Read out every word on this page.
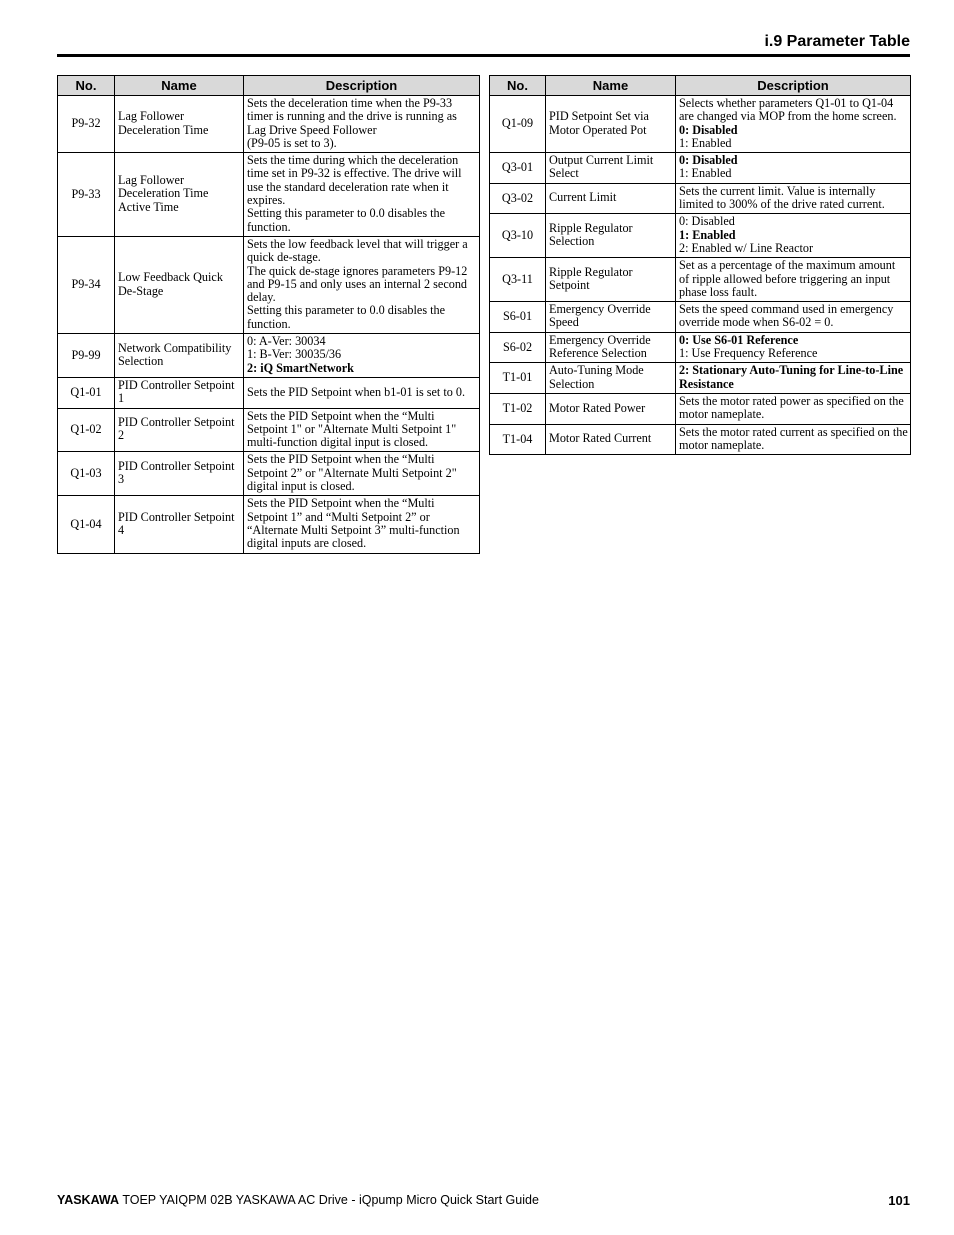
i.9 Parameter Table
No.	Name	Description
P9-32	Lag Follower Deceleration Time	Sets the deceleration time when the P9-33 timer is running and the drive is running as Lag Drive Speed Follower
(P9-05 is set to 3).

P9-33	Lag Follower Deceleration Time Active Time	Sets the time during which the deceleration time set in P9-32 is effective. The drive will use the standard deceleration rate when it expires.
Setting this parameter to 0.0 disables the function.

P9-34	Low Feedback Quick De-Stage	Sets the low feedback level that will trigger a quick de-stage.
The quick de-stage ignores parameters P9-12 and P9-15 and only uses an internal 2 second delay.
Setting this parameter to 0.0 disables the function.

P9-99	Network Compatibility Selection	0: A-Ver: 30034
1: B-Ver: 30035/36
2: iQ SmartNetwork

Q1-01	PID Controller Setpoint 1	Sets the PID Setpoint when b1-01 is set to 0.

Q1-02	PID Controller Setpoint 2	Sets the PID Setpoint when the “Multi Setpoint 1" or "Alternate Multi Setpoint 1" multi-function digital input is closed.

Q1-03	PID Controller Setpoint 3	Sets the PID Setpoint when the “Multi Setpoint 2” or "Alternate Multi Setpoint 2" digital input is closed.

Q1-04	PID Controller Setpoint 4	Sets the PID Setpoint when the “Multi Setpoint 1” and “Multi Setpoint 2” or “Alternate Multi Setpoint 3” multi-function digital inputs are closed.
No.	Name	Description
Q1-09	PID Setpoint Set via Motor Operated Pot	Selects whether parameters Q1-01 to Q1-04 are changed via MOP from the home screen.
0: Disabled
1: Enabled

Q3-01	Output Current Limit Select	0: Disabled
1: Enabled

Q3-02	Current Limit	Sets the current limit. Value is internally limited to 300% of the drive rated current.

Q3-10	Ripple Regulator Selection	0: Disabled
1: Enabled
2: Enabled w/ Line Reactor

Q3-11	Ripple Regulator Setpoint	Set as a percentage of the maximum amount of ripple allowed before triggering an input phase loss fault.

S6-01	Emergency Override Speed	Sets the speed command used in emergency override mode when S6-02 = 0.

S6-02	Emergency Override Reference Selection	0: Use S6-01 Reference
1: Use Frequency Reference

T1-01	Auto-Tuning Mode Selection	2: Stationary Auto-Tuning for Line-to-Line Resistance

T1-02	Motor Rated Power	Sets the motor rated power as specified on the motor nameplate.

T1-04	Motor Rated Current	Sets the motor rated current as specified on the motor nameplate.
YASKAWA TOEP YAIQPM 02B YASKAWA AC Drive - iQpump Micro Quick Start Guide	101
